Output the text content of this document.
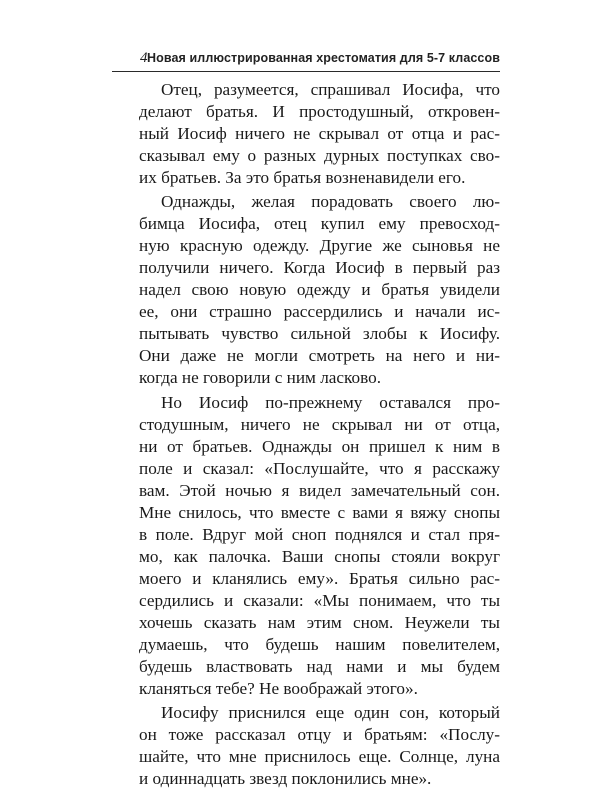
4 Новая иллюстрированная хрестоматия для 5-7 классов

Отец, разумеется, спрашивал Иосифа, что
делают братья. И простодушный, откровен-
ный Иосиф ничего не скрывал от отца и рас-
сказывал ему о разных дурных поступках сво-
их братьев. За это братья возненавидели его.

Однажды, желая порадовать своего лю-
бимца Иосифа, отец купил ему превосход-
ную красную одежду. Другие же сыновья не
получили ничего. Когда Иосиф в первый раз
надел свою новую одежду и братья увидели
ее, они страшно рассердились и начали ис-
пытывать чувство сильной злобы к Иосифу.
Они даже не могли смотреть на него и ни-
когда не говорили с ним ласково.

Но Иосиф по-прежнему оставался про-
стодушным, ничего не скрывал ни от отца,
ни от братьев. Однажды он пришел к ним в
поле и сказал: «Послушайте, что я расскажу
вам. Этой ночью я видел замечательный сон.
Мне снилось, что вместе с вами я вяжу снопы
в поле. Вдруг мой сноп поднялся и стал пря-
мо, как палочка. Ваши снопы стояли вокруг
моего и кланялись ему». Братья сильно рас-
сердились и сказали: «Мы понимаем, что ты
хочешь сказать нам этим сном. Неужели ты
думаешь, что будешь нашим повелителем,
будешь властвовать над нами и мы будем
кланяться тебе? Не воображай этого».

Иосифу приснился еще один сон, который
он тоже рассказал отцу и братьям: «Послу-
шайте, что мне приснилось еще. Солнце, луна
и одиннадцать звезд поклонились мне».
